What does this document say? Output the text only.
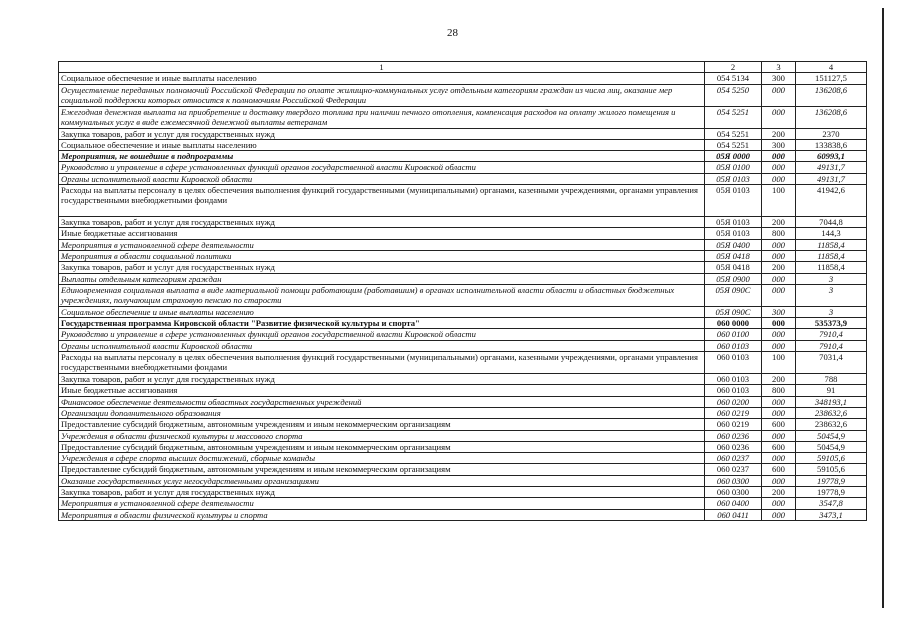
28
1	2	3	4
Социальное обеспечение и иные выплаты населению	054 5134	300	151127,5
Осуществление переданных полномочий Российской Федерации по оплате жилищно-коммунальных услуг отдельным категориям граждан из числа лиц, оказание мер социальной поддержки которых относится к полномочиям Российской Федерации	054 5250	000	136208,6
Ежегодная денежная выплата на приобретение и доставку твердого топлива при наличии печного отопления, компенсация расходов на оплату жилого помещения и коммунальных услуг в виде ежемесячной денежной выплаты ветеранам	054 5251	000	136208,6
Закупка товаров, работ и услуг для государственных нужд	054 5251	200	2370
Социальное обеспечение и иные выплаты населению	054 5251	300	133838,6
Мероприятия, не вошедшие в подпрограммы	05Я 0000	000	60993,1
Руководство и управление в сфере установленных функций органов государственной власти Кировской области	05Я 0100	000	49131,7
Органы исполнительной власти Кировской области	05Я 0103	000	49131,7
Расходы на выплаты персоналу в целях обеспечения выполнения функций государственными (муниципальными) органами, казенными учреждениями, органами управления государственными внебюджетными фондами	05Я 0103	100	41942,6
Закупка товаров, работ и услуг для государственных нужд	05Я 0103	200	7044,8
Иные бюджетные ассигнования	05Я 0103	800	144,3
Мероприятия в установленной сфере деятельности	05Я 0400	000	11858,4
Мероприятия в области социальной политики	05Я 0418	000	11858,4
Закупка товаров, работ и услуг для государственных нужд	05Я 0418	200	11858,4
Выплаты отдельным категориям граждан	05Я 0900	000	3
Единовременная социальная выплата в виде материальной помощи работающим (работавшим) в органах исполнительной власти области и областных бюджетных учреждениях, получающим страховую пенсию по старости	05Я 090С	000	3
Социальное обеспечение и иные выплаты населению	05Я 090С	300	3
Государственная программа Кировской области "Развитие физической культуры и спорта"	060 0000	000	535373,9
Руководство и управление в сфере установленных функций органов государственной власти Кировской области	060 0100	000	7910,4
Органы исполнительной власти Кировской области	060 0103	000	7910,4
Расходы на выплаты персоналу в целях обеспечения выполнения функций государственными (муниципальными) органами, казенными учреждениями, органами управления государственными внебюджетными фондами	060 0103	100	7031,4
Закупка товаров, работ и услуг для государственных нужд	060 0103	200	788
Иные бюджетные ассигнования	060 0103	800	91
Финансовое обеспечение деятельности областных государственных учреждений	060 0200	000	348193,1
Организации дополнительного образования	060 0219	000	238632,6
Предоставление субсидий бюджетным, автономным учреждениям и иным некоммерческим организациям	060 0219	600	238632,6
Учреждения в области физической культуры и массового спорта	060 0236	000	50454,9
Предоставление субсидий бюджетным, автономным учреждениям и иным некоммерческим организациям	060 0236	600	50454,9
Учреждения в сфере спорта высших достижений, сборные команды	060 0237	000	59105,6
Предоставление субсидий бюджетным, автономным учреждениям и иным некоммерческим организациям	060 0237	600	59105,6
Оказание государственных услуг негосударственными организациями	060 0300	000	19778,9
Закупка товаров, работ и услуг для государственных нужд	060 0300	200	19778,9
Мероприятия в установленной сфере деятельности	060 0400	000	3547,8
Мероприятия в области физической культуры и спорта	060 0411	000	3473,1
